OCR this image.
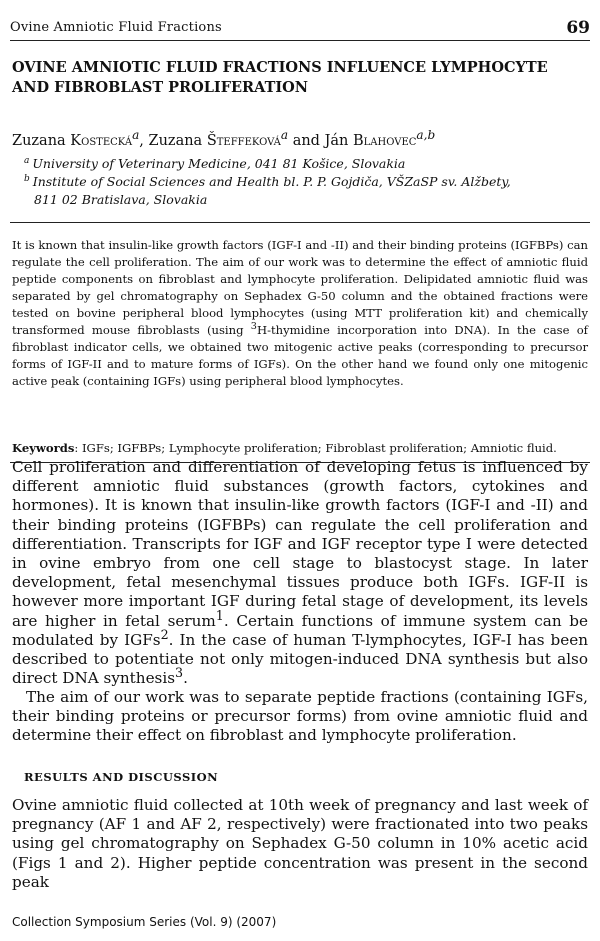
Ovine Amniotic Fluid Fractions	69
OVINE AMNIOTIC FLUID FRACTIONS INFLUENCE LYMPHOCYTE AND FIBROBLAST PROLIFERATION
Zuzana Kostecká$^a$, Zuzana Šteffeková$^a$ and Ján Blahovec$^{a,b}$
$^a$ University of Veterinary Medicine, 041 81 Košice, Slovakia
$^b$ Institute of Social Sciences and Health bl. P. P. Gojdiča, VŠZaSP sv. Alžbety,
811 02 Bratislava, Slovakia

It is known that insulin-like growth factors (IGF-I and -II) and their binding proteins (IGFBPs) can regulate the cell proliferation. The aim of our work was to determine the effect of amniotic fluid peptide components on fibroblast and lymphocyte proliferation. Delipidated amniotic fluid was separated by gel chromatography on Sephadex G-50 column and the obtained fractions were tested on bovine peripheral blood lymphocytes (using MTT proliferation kit) and chemically transformed mouse fibroblasts (using $^3$H-thymidine incorporation into DNA). In the case of fibroblast indicator cells, we obtained two mitogenic active peaks (corresponding to precursor forms of IGF-II and to mature forms of IGFs). On the other hand we found only one mitogenic active peak (containing IGFs) using peripheral blood lymphocytes.

Keywords: IGFs; IGFBPs; Lymphocyte proliferation; Fibroblast proliferation; Amniotic fluid.

Cell proliferation and differentiation of developing fetus is influenced by different amniotic fluid substances (growth factors, cytokines and hormones). It is known that insulin-like growth factors (IGF-I and -II) and their binding proteins (IGFBPs) can regulate the cell proliferation and differentiation. Transcripts for IGF and IGF receptor type I were detected in ovine embryo from one cell stage to blastocyst stage. In later development, fetal mesenchymal tissues produce both IGFs. IGF-II is however more important IGF during fetal stage of development, its levels are higher in fetal serum$^1$. Certain functions of immune system can be modulated by IGFs$^2$. In the case of human T-lymphocytes, IGF-I has been described to potentiate not only mitogen-induced DNA synthesis but also direct DNA synthesis$^3$.

The aim of our work was to separate peptide fractions (containing IGFs, their binding proteins or precursor forms) from ovine amniotic fluid and determine their effect on fibroblast and lymphocyte proliferation.

RESULTS AND DISCUSSION

Ovine amniotic fluid collected at 10th week of pregnancy and last week of pregnancy (AF 1 and AF 2, respectively) were fractionated into two peaks using gel chromatography on Sephadex G-50 column in 10% acetic acid (Figs 1 and 2). Higher peptide concentration was present in the second peak

Collection Symposium Series (Vol. 9) (2007)
